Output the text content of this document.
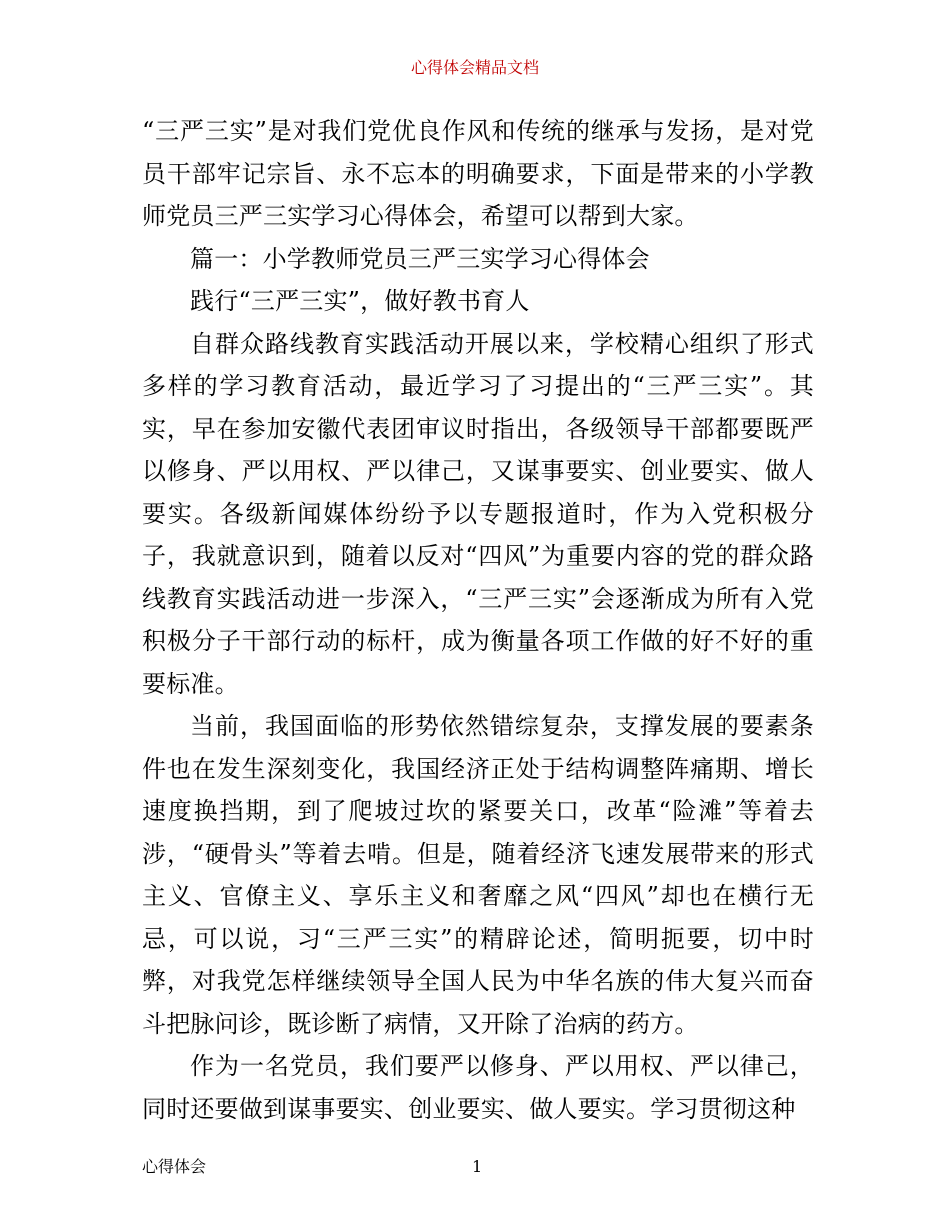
心得体会精品文档

“三严三实”是对我们党优良作风和传统的继承与发扬，是对党员干部牢记宗旨、永不忘本的明确要求，下面是带来的小学教师党员三严三实学习心得体会，希望可以帮到大家。

篇一：小学教师党员三严三实学习心得体会

践行“三严三实”，做好教书育人

自群众路线教育实践活动开展以来，学校精心组织了形式多样的学习教育活动，最近学习了习提出的“三严三实”。其实，早在参加安徽代表团审议时指出，各级领导干部都要既严以修身、严以用权、严以律己，又谋事要实、创业要实、做人要实。各级新闻媒体纷纷予以专题报道时，作为入党积极分子，我就意识到，随着以反对“四风”为重要内容的党的群众路线教育实践活动进一步深入，“三严三实”会逐渐成为所有入党积极分子干部行动的标杆，成为衡量各项工作做的好不好的重要标准。

当前，我国面临的形势依然错综复杂，支撑发展的要素条件也在发生深刻变化，我国经济正处于结构调整阵痛期、增长速度换挡期，到了爬坡过坎的紧要关口，改革“险滩”等着去涉，“硬骨头”等着去啃。但是，随着经济飞速发展带来的形式主义、官僚主义、享乐主义和奢靡之风“四风”却也在横行无忌，可以说，习“三严三实”的精辟论述，简明扼要，切中时弊，对我党怎样继续领导全国人民为中华名族的伟大复兴而奋斗把脉问诊，既诊断了病情，又开除了治病的药方。

作为一名党员，我们要严以修身、严以用权、严以律己，同时还要做到谋事要实、创业要实、做人要实。学习贯彻这种

心得体会	1
